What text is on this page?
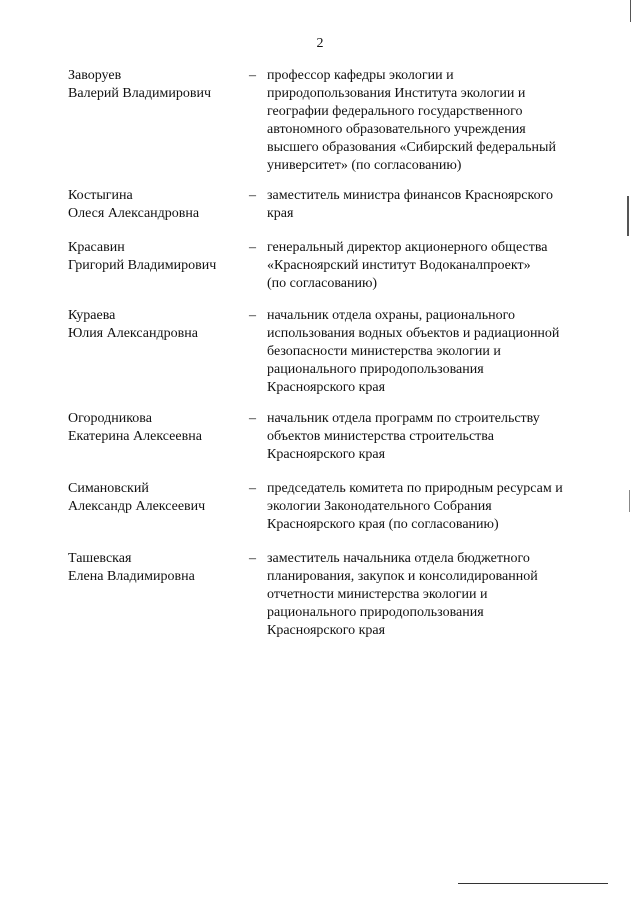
2
Заворуев
Валерий Владимирович
– профессор кафедры экологии и
природопользования Института экологии и
географии федерального государственного
автономного образовательного учреждения
высшего образования «Сибирский федеральный
университет» (по согласованию)
Костыгина
Олеся Александровна
– заместитель министра финансов Красноярского
края
Красавин
Григорий Владимирович
– генеральный директор акционерного общества
«Красноярский институт Водоканалпроект»
(по согласованию)
Кураева
Юлия Александровна
– начальник отдела охраны, рационального
использования водных объектов и радиационной
безопасности министерства экологии и
рационального природопользования
Красноярского края
Огородникова
Екатерина Алексеевна
– начальник отдела программ по строительству
объектов министерства строительства
Красноярского края
Симановский
Александр Алексеевич
– председатель комитета по природным ресурсам и
экологии Законодательного Собрания
Красноярского края (по согласованию)
Ташевская
Елена Владимировна
– заместитель начальника отдела бюджетного
планирования, закупок и консолидированной
отчетности министерства экологии и
рационального природопользования
Красноярского края
